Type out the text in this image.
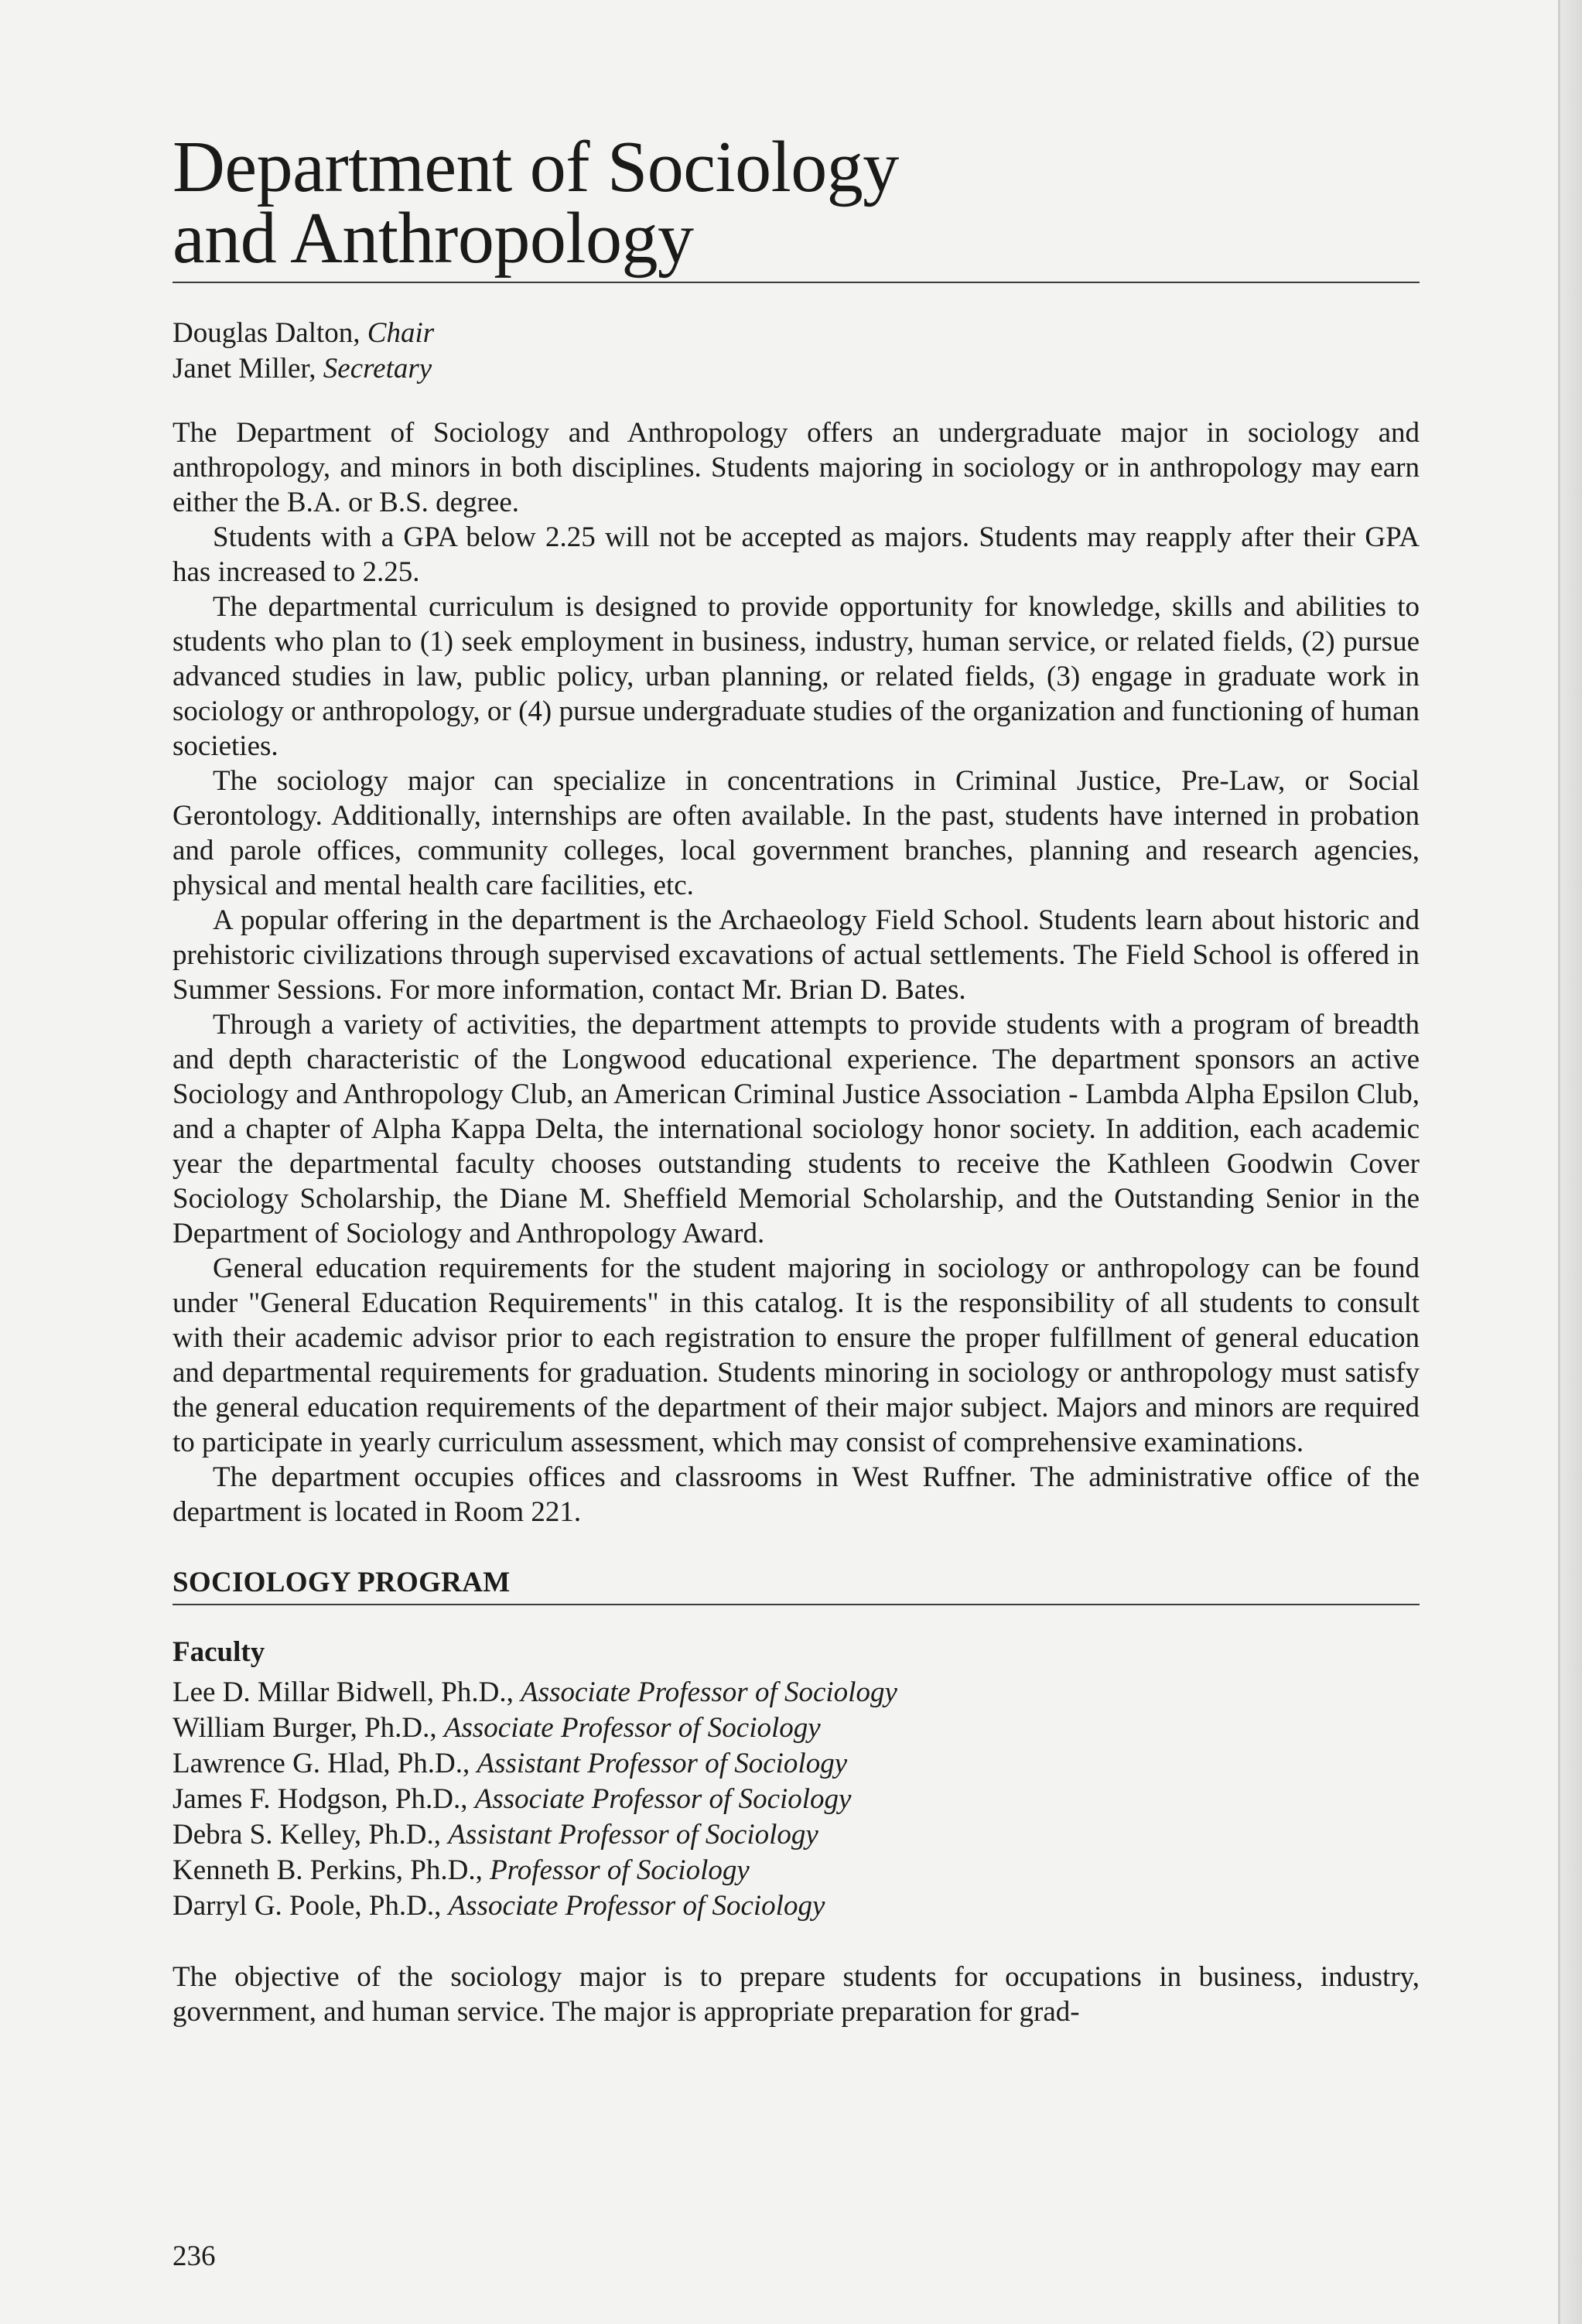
Department of Sociology
and Anthropology
Douglas Dalton, Chair
Janet Miller, Secretary

The Department of Sociology and Anthropology offers an undergraduate major in sociology and anthropology, and minors in both disciplines. Students majoring in sociology or in anthropology may earn either the B.A. or B.S. degree.

Students with a GPA below 2.25 will not be accepted as majors. Students may reapply after their GPA has increased to 2.25.

The departmental curriculum is designed to provide opportunity for knowledge, skills and abilities to students who plan to (1) seek employment in business, industry, human service, or related fields, (2) pursue advanced studies in law, public policy, urban planning, or related fields, (3) engage in graduate work in sociology or anthropology, or (4) pursue undergraduate studies of the organization and functioning of human societies.

The sociology major can specialize in concentrations in Criminal Justice, Pre-Law, or Social Gerontology. Additionally, internships are often available. In the past, students have interned in probation and parole offices, community colleges, local government branches, planning and research agencies, physical and mental health care facilities, etc.

A popular offering in the department is the Archaeology Field School. Students learn about historic and prehistoric civilizations through supervised excavations of actual settlements. The Field School is offered in Summer Sessions. For more information, contact Mr. Brian D. Bates.

Through a variety of activities, the department attempts to provide students with a program of breadth and depth characteristic of the Longwood educational experience. The department sponsors an active Sociology and Anthropology Club, an American Criminal Justice Association - Lambda Alpha Epsilon Club, and a chapter of Alpha Kappa Delta, the international sociology honor society. In addition, each academic year the departmental faculty chooses outstanding students to receive the Kathleen Goodwin Cover Sociology Scholarship, the Diane M. Sheffield Memorial Scholarship, and the Outstanding Senior in the Department of Sociology and Anthropology Award.

General education requirements for the student majoring in sociology or anthropology can be found under "General Education Requirements" in this catalog. It is the responsibility of all students to consult with their academic advisor prior to each registration to ensure the proper fulfillment of general education and departmental requirements for graduation. Students minoring in sociology or anthropology must satisfy the general education requirements of the department of their major subject. Majors and minors are required to participate in yearly curriculum assessment, which may consist of comprehensive examinations.

The department occupies offices and classrooms in West Ruffner. The administrative office of the department is located in Room 221.

SOCIOLOGY PROGRAM
Faculty
Lee D. Millar Bidwell, Ph.D., Associate Professor of Sociology
William Burger, Ph.D., Associate Professor of Sociology
Lawrence G. Hlad, Ph.D., Assistant Professor of Sociology
James F. Hodgson, Ph.D., Associate Professor of Sociology
Debra S. Kelley, Ph.D., Assistant Professor of Sociology
Kenneth B. Perkins, Ph.D., Professor of Sociology
Darryl G. Poole, Ph.D., Associate Professor of Sociology

The objective of the sociology major is to prepare students for occupations in business, industry, government, and human service. The major is appropriate preparation for grad-

236
